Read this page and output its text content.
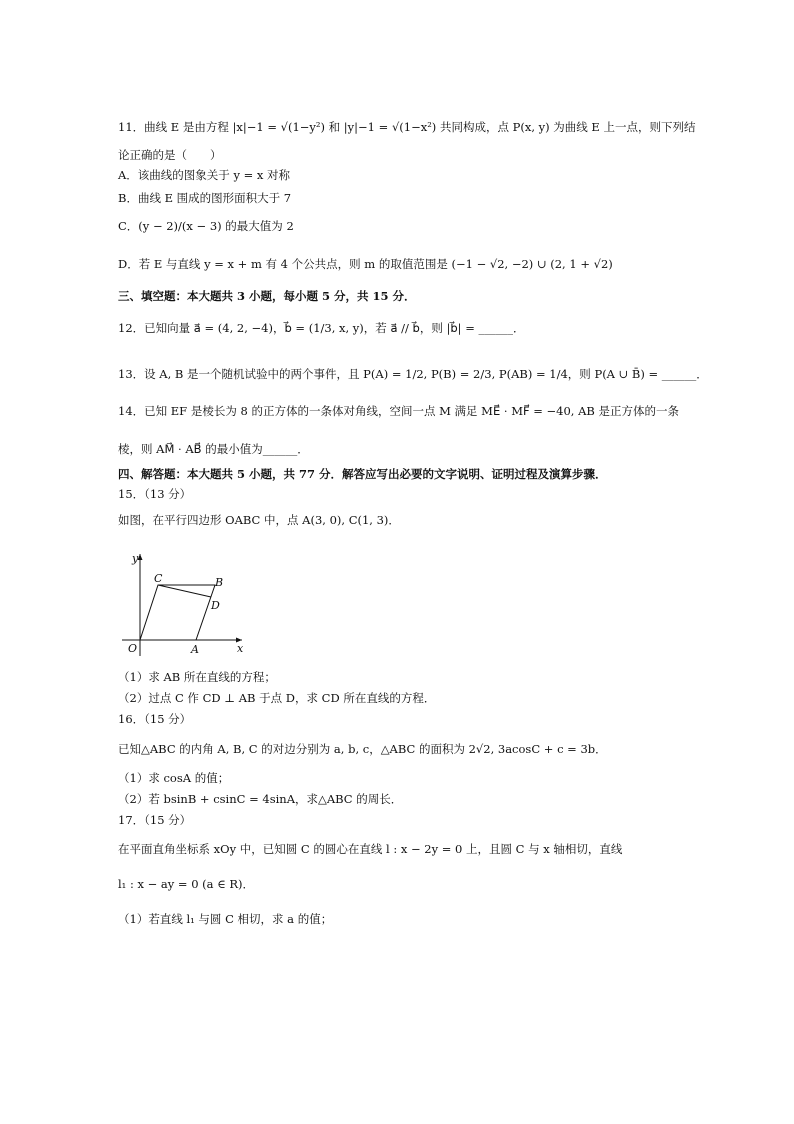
11．曲线 E 是由方程 |x|−1 = √(1−y²) 和 |y|−1 = √(1−x²) 共同构成，点 P(x, y) 为曲线 E 上一点，则下列结
论正确的是（　　）
A．该曲线的图象关于 y = x 对称
B．曲线 E 围成的图形面积大于 7
C．(y − 2)/(x − 3) 的最大值为 2
D．若 E 与直线 y = x + m 有 4 个公共点，则 m 的取值范围是 (−1 − √2, −2) ∪ (2, 1 + √2)
三、填空题：本大题共 3 小题，每小题 5 分，共 15 分．
12．已知向量 a⃗ = (4, 2, −4)，b⃗ = (1/3, x, y)，若 a⃗ // b⃗，则 |b⃗| = ______．
13．设 A, B 是一个随机试验中的两个事件，且 P(A) = 1/2, P(B) = 2/3, P(AB) = 1/4，则 P(A ∪ B̄) = ______．
14．已知 EF 是棱长为 8 的正方体的一条体对角线，空间一点 M 满足 ME⃗ · MF⃗ = −40, AB 是正方体的一条
棱，则 AM⃗ · AB⃗ 的最小值为______．
四、解答题：本大题共 5 小题，共 77 分．解答应写出必要的文字说明、证明过程及演算步骤．
15．（13 分）
如图，在平行四边形 OABC 中，点 A(3, 0), C(1, 3)．
y
x
O	A
B
C
D
（1）求 AB 所在直线的方程；
（2）过点 C 作 CD ⊥ AB 于点 D，求 CD 所在直线的方程．
16．（15 分）
已知△ABC 的内角 A, B, C 的对边分别为 a, b, c，△ABC 的面积为 2√2, 3acosC + c = 3b．
（1）求 cosA 的值；
（2）若 bsinB + csinC = 4sinA，求△ABC 的周长．
17．（15 分）
在平面直角坐标系 xOy 中，已知圆 C 的圆心在直线 l : x − 2y = 0 上，且圆 C 与 x 轴相切，直线
l₁ : x − ay = 0 (a ∈ R)．
（1）若直线 l₁ 与圆 C 相切，求 a 的值；
